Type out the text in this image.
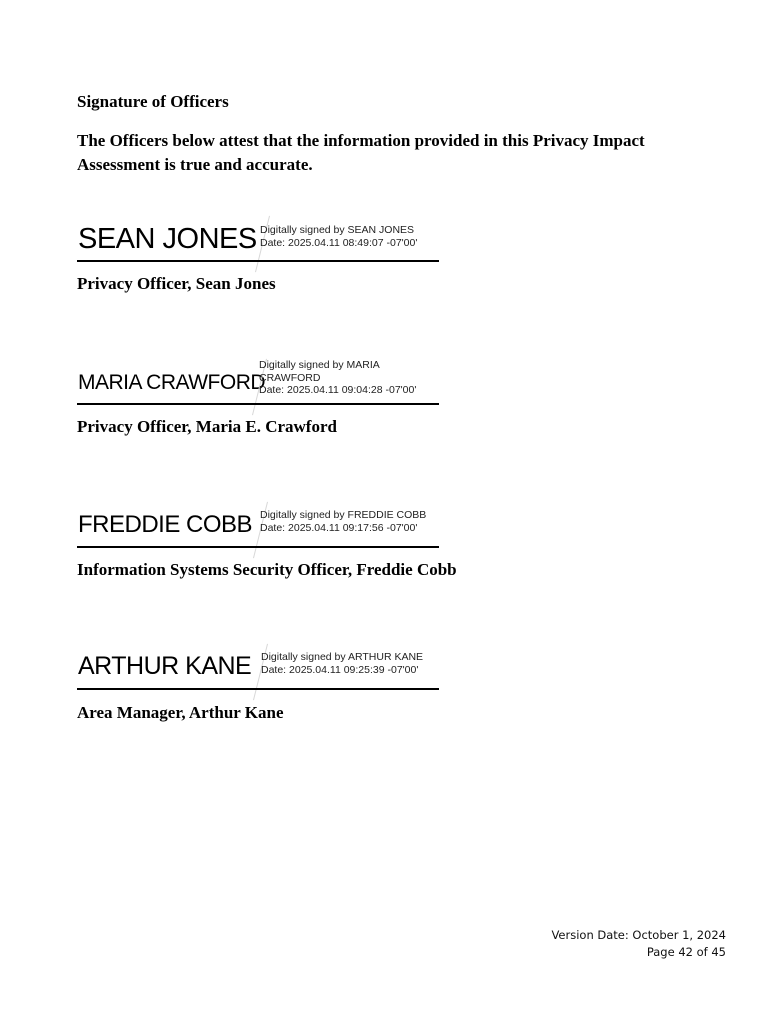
Signature of Officers

The Officers below attest that the information provided in this Privacy Impact Assessment is true and accurate.

SEAN JONES Digitally signed by SEAN JONES
Date: 2025.04.11 08:49:07 -07'00'
Privacy Officer, Sean Jones
MARIA CRAWFORD
Digitally signed by MARIA
CRAWFORD
Date: 2025.04.11 09:04:28 -07'00'
Privacy Officer, Maria E. Crawford
FREDDIE COBB Digitally signed by FREDDIE COBB
Date: 2025.04.11 09:17:56 -07'00'
Information Systems Security Officer, Freddie Cobb
ARTHUR KANE Digitally signed by ARTHUR KANE
Date: 2025.04.11 09:25:39 -07'00'
Area Manager, Arthur Kane
Version Date: October 1, 2024
Page 42 of 45
